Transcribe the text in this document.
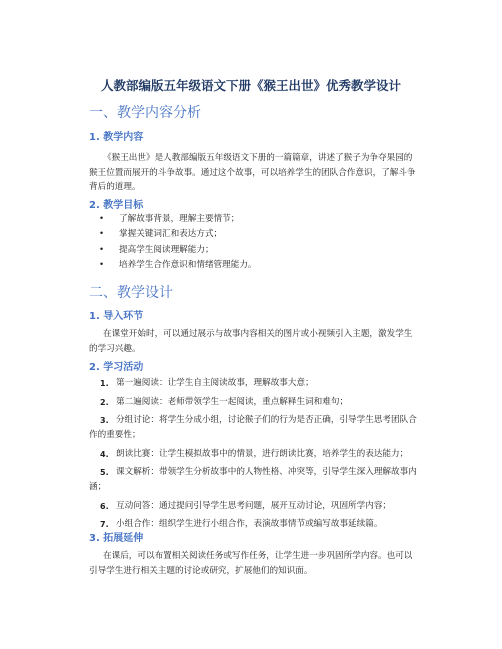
人教部编版五年级语文下册《猴王出世》优秀教学设计
一、教学内容分析
1. 教学内容
《猴王出世》是人教部编版五年级语文下册的一篇篇章，讲述了猴子为争夺果园的猴王位置而展开的斗争故事。通过这个故事，可以培养学生的团队合作意识，了解斗争背后的道理。
2. 教学目标
• 了解故事背景，理解主要情节；
• 掌握关键词汇和表达方式；
• 提高学生阅读理解能力；
• 培养学生合作意识和情绪管理能力。
二、教学设计
1. 导入环节
在课堂开始时，可以通过展示与故事内容相关的图片或小视频引入主题，激发学生的学习兴趣。
2. 学习活动
1. 第一遍阅读：让学生自主阅读故事，理解故事大意；
2. 第二遍阅读：老师带领学生一起阅读，重点解释生词和难句；
3. 分组讨论：将学生分成小组，讨论猴子们的行为是否正确，引导学生思考团队合作的重要性；
4. 朗读比赛：让学生模拟故事中的情景，进行朗读比赛，培养学生的表达能力；
5. 课文解析：带领学生分析故事中的人物性格、冲突等，引导学生深入理解故事内涵；
6. 互动问答：通过提问引导学生思考问题，展开互动讨论，巩固所学内容；
7. 小组合作：组织学生进行小组合作，表演故事情节或编写故事延续篇。
3. 拓展延伸
在课后，可以布置相关阅读任务或写作任务，让学生进一步巩固所学内容。也可以引导学生进行相关主题的讨论或研究，扩展他们的知识面。
